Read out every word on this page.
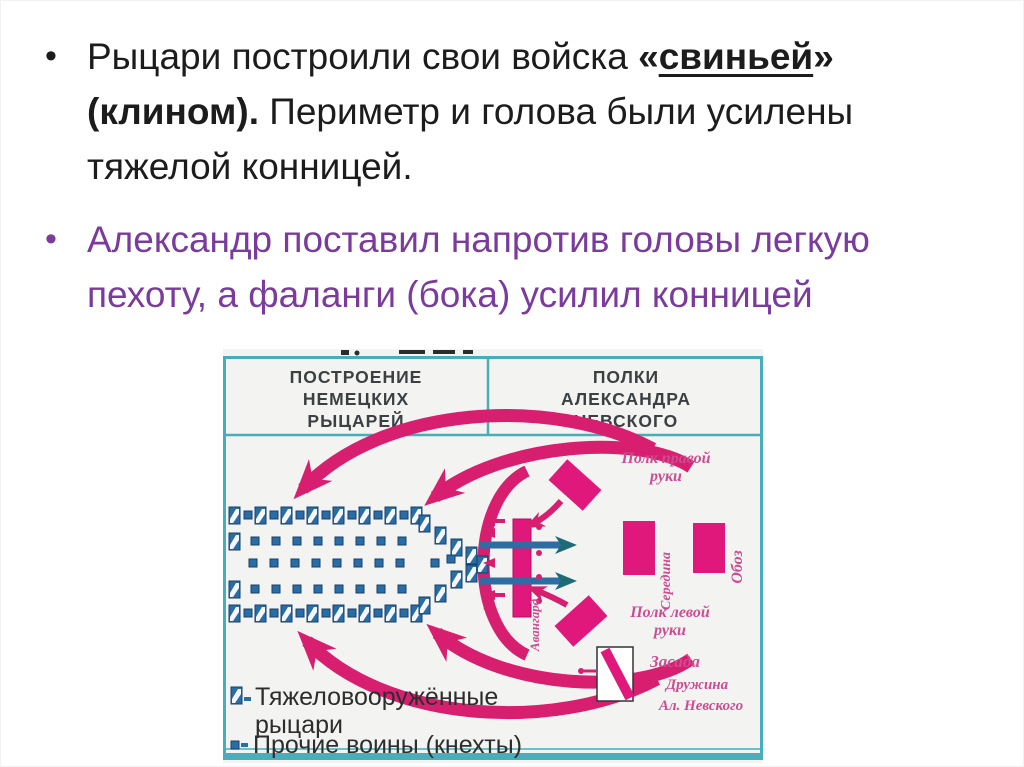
• Рыцари построили свои войска «свиньей»
(клином). Периметр и голова были усилены
тяжелой конницей.
• Александр поставил напротив головы легкую
пехоту, а фаланги (бока) усилил конницей
ПОСТРОЕНИЕ
НЕМЕЦКИХ
РЫЦАРЕЙ
ПОЛКИ
АЛЕКСАНДРА
НЕВСКОГО
Полк правой
руки
Середина	Обоз
Полк левой
руки
Засада
Дружина
Ал. Невского
Авангард
Тяжеловооружённые
рыцари
Прочие воины (кнехты)
